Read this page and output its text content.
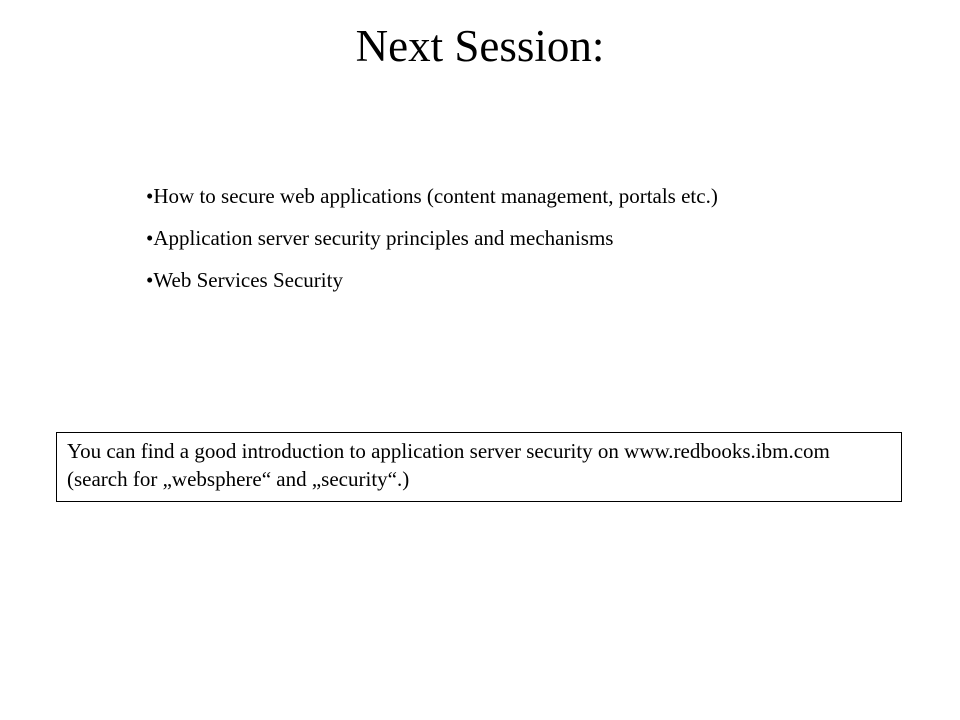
Next Session:
•How to secure web applications (content management, portals etc.)
•Application server security principles and mechanisms
•Web Services Security
You can find a good introduction to application server security on www.redbooks.ibm.com (search for „websphere“ and „security“.)
